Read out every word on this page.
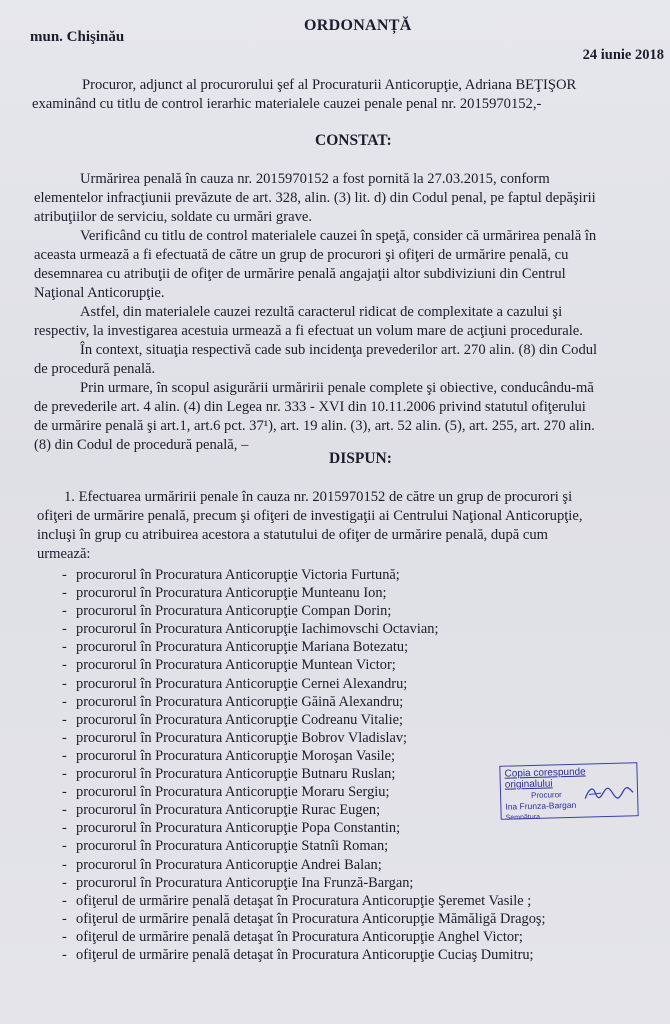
ORDONANȚĂ
mun. Chişinău
24 iunie 2018
Procuror, adjunct al procurorului şef al Procuraturii Anticorupţie, Adriana BEŢIŞOR
examinând cu titlu de control ierarhic materialele cauzei penale penal nr. 2015970152,-
CONSTAT:
Urmărirea penală în cauza nr. 2015970152 a fost pornită la 27.03.2015, conform
elementelor infracţiunii prevăzute de art. 328, alin. (3) lit. d) din Codul penal, pe faptul depăşirii
atribuţiilor de serviciu, soldate cu urmări grave.
Verificând cu titlu de control materialele cauzei în speţă, consider că urmărirea penală în
aceasta urmează a fi efectuată de către un grup de procurori şi ofiţeri de urmărire penală, cu
desemnarea cu atribuţii de ofiţer de urmărire penală angajaţii altor subdiviziuni din Centrul
Naţional Anticorupţie.
Astfel, din materialele cauzei rezultă caracterul ridicat de complexitate a cazului şi
respectiv, la investigarea acestuia urmează a fi efectuat un volum mare de acţiuni procedurale.
În context, situaţia respectivă cade sub incidenţa prevederilor art. 270 alin. (8) din Codul
de procedură penală.
Prin urmare, în scopul asigurării urmăririi penale complete şi obiective, conducându-mă
de prevederile art. 4 alin. (4) din Legea nr. 333 - XVI din 10.11.2006 privind statutul ofiţerului
de urmărire penală şi art.1, art.6 pct. 37¹), art. 19 alin. (3), art. 52 alin. (5), art. 255, art. 270 alin.
(8) din Codul de procedură penală, –
DISPUN:
1. Efectuarea urmăririi penale în cauza nr. 2015970152 de către un grup de procurori şi
ofiţeri de urmărire penală, precum şi ofiţeri de investigaţii ai Centrului Naţional Anticorupţie,
incluşi în grup cu atribuirea acestora a statutului de ofiţer de urmărire penală, după cum
urmează:
- procurorul în Procuratura Anticorupţie Victoria Furtună;
- procurorul în Procuratura Anticorupţie Munteanu Ion;
- procurorul în Procuratura Anticorupţie Compan Dorin;
- procurorul în Procuratura Anticorupţie Iachimovschi Octavian;
- procurorul în Procuratura Anticorupţie Mariana Botezatu;
- procurorul în Procuratura Anticorupţie Muntean Victor;
- procurorul în Procuratura Anticorupţie Cernei Alexandru;
- procurorul în Procuratura Anticorupţie Găină Alexandru;
- procurorul în Procuratura Anticorupţie Codreanu Vitalie;
- procurorul în Procuratura Anticorupţie Bobrov Vladislav;
- procurorul în Procuratura Anticorupţie Moroşan Vasile;
- procurorul în Procuratura Anticorupţie Butnaru Ruslan;
- procurorul în Procuratura Anticorupţie Moraru Sergiu;
- procurorul în Procuratura Anticorupţie Rurac Eugen;
- procurorul în Procuratura Anticorupţie Popa Constantin;
- procurorul în Procuratura Anticorupţie Statnîi Roman;
- procurorul în Procuratura Anticorupţie Andrei Balan;
- procurorul în Procuratura Anticorupţie Ina Frunză-Bargan;
- ofiţerul de urmărire penală detaşat în Procuratura Anticorupţie Şeremet Vasile ;
- ofiţerul de urmărire penală detaşat în Procuratura Anticorupţie Mămăligă Dragoş;
- ofiţerul de urmărire penală detaşat în Procuratura Anticorupţie Anghel Victor;
- ofiţerul de urmărire penală detaşat în Procuratura Anticorupţie Cuciaş Dumitru;
Copia corespunde originalului
Procuror
Ina Frunza-Bargan
Semnătura
